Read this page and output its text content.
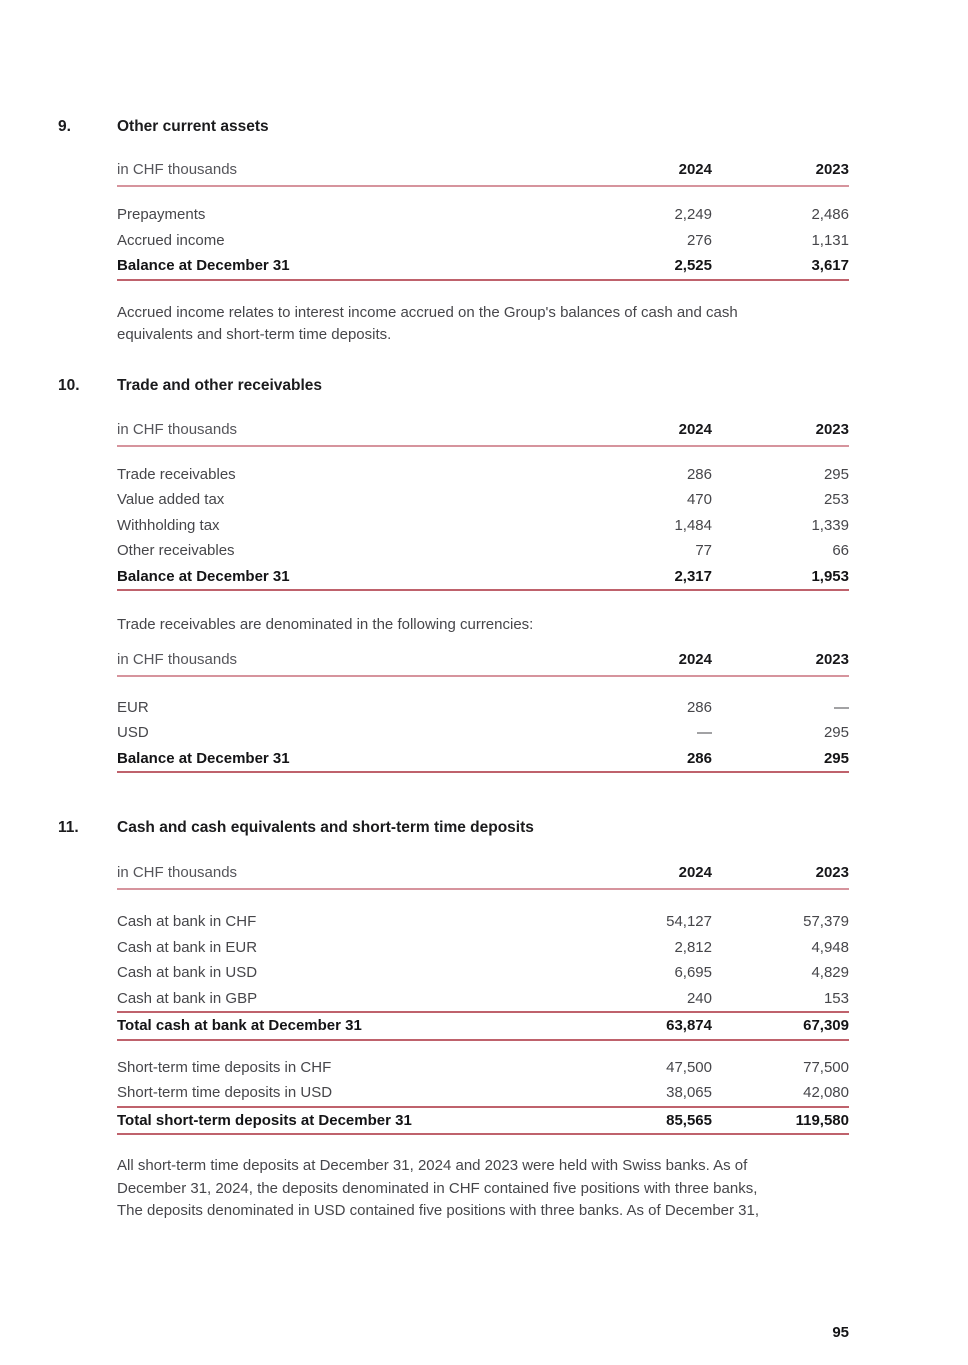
9.	Other current assets
in CHF thousands	2024	2023
Prepayments	2,249	2,486
Accrued income	276	1,131
Balance at December 31	2,525	3,617
Accrued income relates to interest income accrued on the Group's balances of cash and cash
equivalents and short-term time deposits.
10. Trade and other receivables
in CHF thousands	2024	2023
Trade receivables	286	295
Value added tax	470	253
Withholding tax	1,484	1,339
Other receivables	77	66
Balance at December 31	2,317	1,953
Trade receivables are denominated in the following currencies:
in CHF thousands	2024	2023
EUR	286	—
USD	—	295
Balance at December 31	286	295
11. Cash and cash equivalents and short-term time deposits
in CHF thousands	2024	2023
Cash at bank in CHF	54,127	57,379
Cash at bank in EUR	2,812	4,948
Cash at bank in USD	6,695	4,829
Cash at bank in GBP	240	153
Total cash at bank at December 31	63,874	67,309
Short-term time deposits in CHF	47,500	77,500
Short-term time deposits in USD	38,065	42,080
Total short-term deposits at December 31	85,565	119,580
All short-term time deposits at December 31, 2024 and 2023 were held with Swiss banks. As of
December 31, 2024, the deposits denominated in CHF contained five positions with three banks,
The deposits denominated in USD contained five positions with three banks. As of December 31,
95
